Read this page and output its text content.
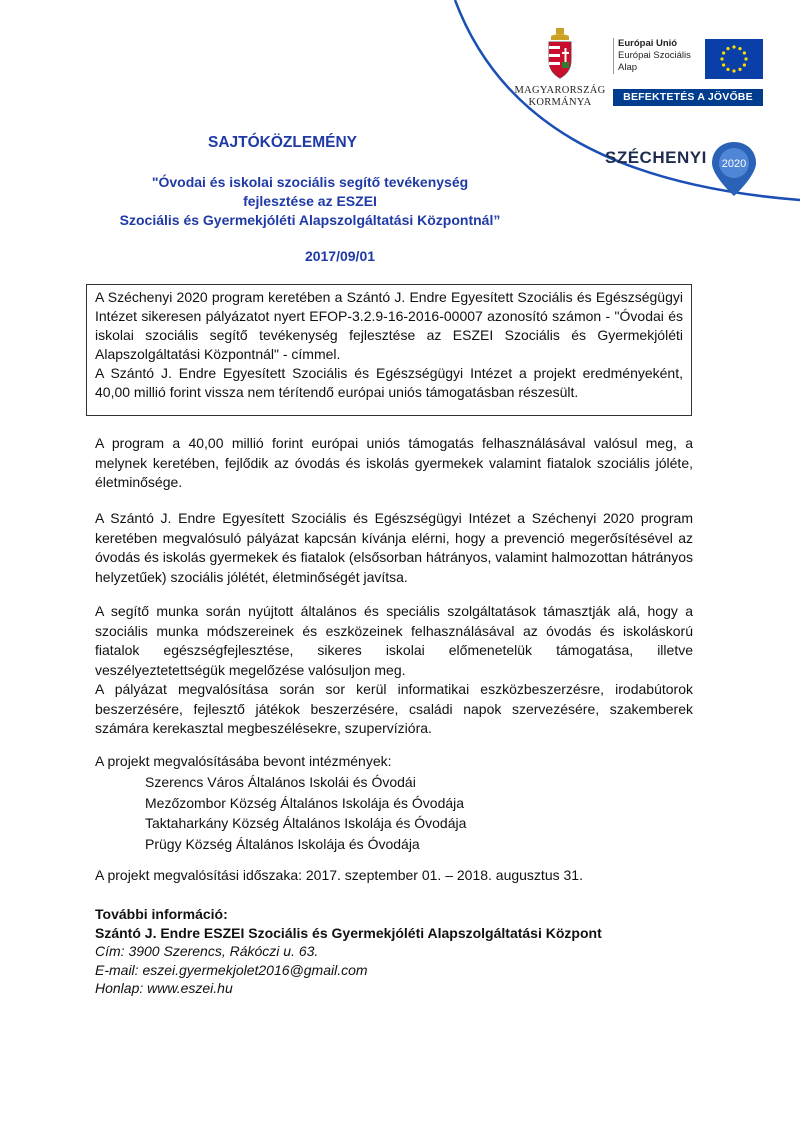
MAGYARORSZÁG
KORMÁNYA
Európai Unió
Európai Szociális
Alap
BEFEKTETÉS A JÖVŐBE
SZÉCHENYI 2020
SAJTÓKÖZLEMÉNY
"Óvodai és iskolai szociális segítő tevékenység
fejlesztése az ESZEI
Szociális és Gyermekjóléti Alapszolgáltatási Központnál”
2017/09/01
A Széchenyi 2020 program keretében a Szántó J. Endre Egyesített Szociális és Egészségügyi Intézet sikeresen pályázatot nyert EFOP-3.2.9-16-2016-00007 azonosító számon - "Óvodai és iskolai szociális segítő tevékenység fejlesztése az ESZEI Szociális és Gyermekjóléti Alapszolgáltatási Központnál" - címmel.
A Szántó J. Endre Egyesített Szociális és Egészségügyi Intézet a projekt eredményeként, 40,00 millió forint vissza nem térítendő európai uniós támogatásban részesült.

A program a 40,00 millió forint európai uniós támogatás felhasználásával valósul meg, a melynek keretében, fejlődik az óvodás és iskolás gyermekek valamint fiatalok szociális jóléte, életminősége.

A Szántó J. Endre Egyesített Szociális és Egészségügyi Intézet a Széchenyi 2020 program keretében megvalósuló pályázat kapcsán kívánja elérni, hogy a prevenció megerősítésével az óvodás és iskolás gyermekek és fiatalok (elsősorban hátrányos, valamint halmozottan hátrányos helyzetűek) szociális jólétét, életminőségét javítsa.

A segítő munka során nyújtott általános és speciális szolgáltatások támasztják alá, hogy a szociális munka módszereinek és eszközeinek felhasználásával az óvodás és iskoláskorú fiatalok egészségfejlesztése, sikeres iskolai előmenetelük támogatása, illetve veszélyeztetettségük megelőzése valósuljon meg.

A pályázat megvalósítása során sor kerül informatikai eszközbeszerzésre, irodabútorok beszerzésére, fejlesztő játékok beszerzésére, családi napok szervezésére, szakemberek számára kerekasztal megbeszélésekre, szupervízióra.

A projekt megvalósításába bevont intézmények:
Szerencs Város Általános Iskolái és Óvodái
Mezőzombor Község Általános Iskolája és Óvodája
Taktaharkány Község Általános Iskolája és Óvodája
Prügy Község Általános Iskolája és Óvodája
A projekt megvalósítási időszaka: 2017. szeptember 01. – 2018. augusztus 31.
További információ:
Szántó J. Endre ESZEI Szociális és Gyermekjóléti Alapszolgáltatási Központ
Cím: 3900 Szerencs, Rákóczi u. 63.
E-mail: eszei.gyermekjolet2016@gmail.com
Honlap: www.eszei.hu
